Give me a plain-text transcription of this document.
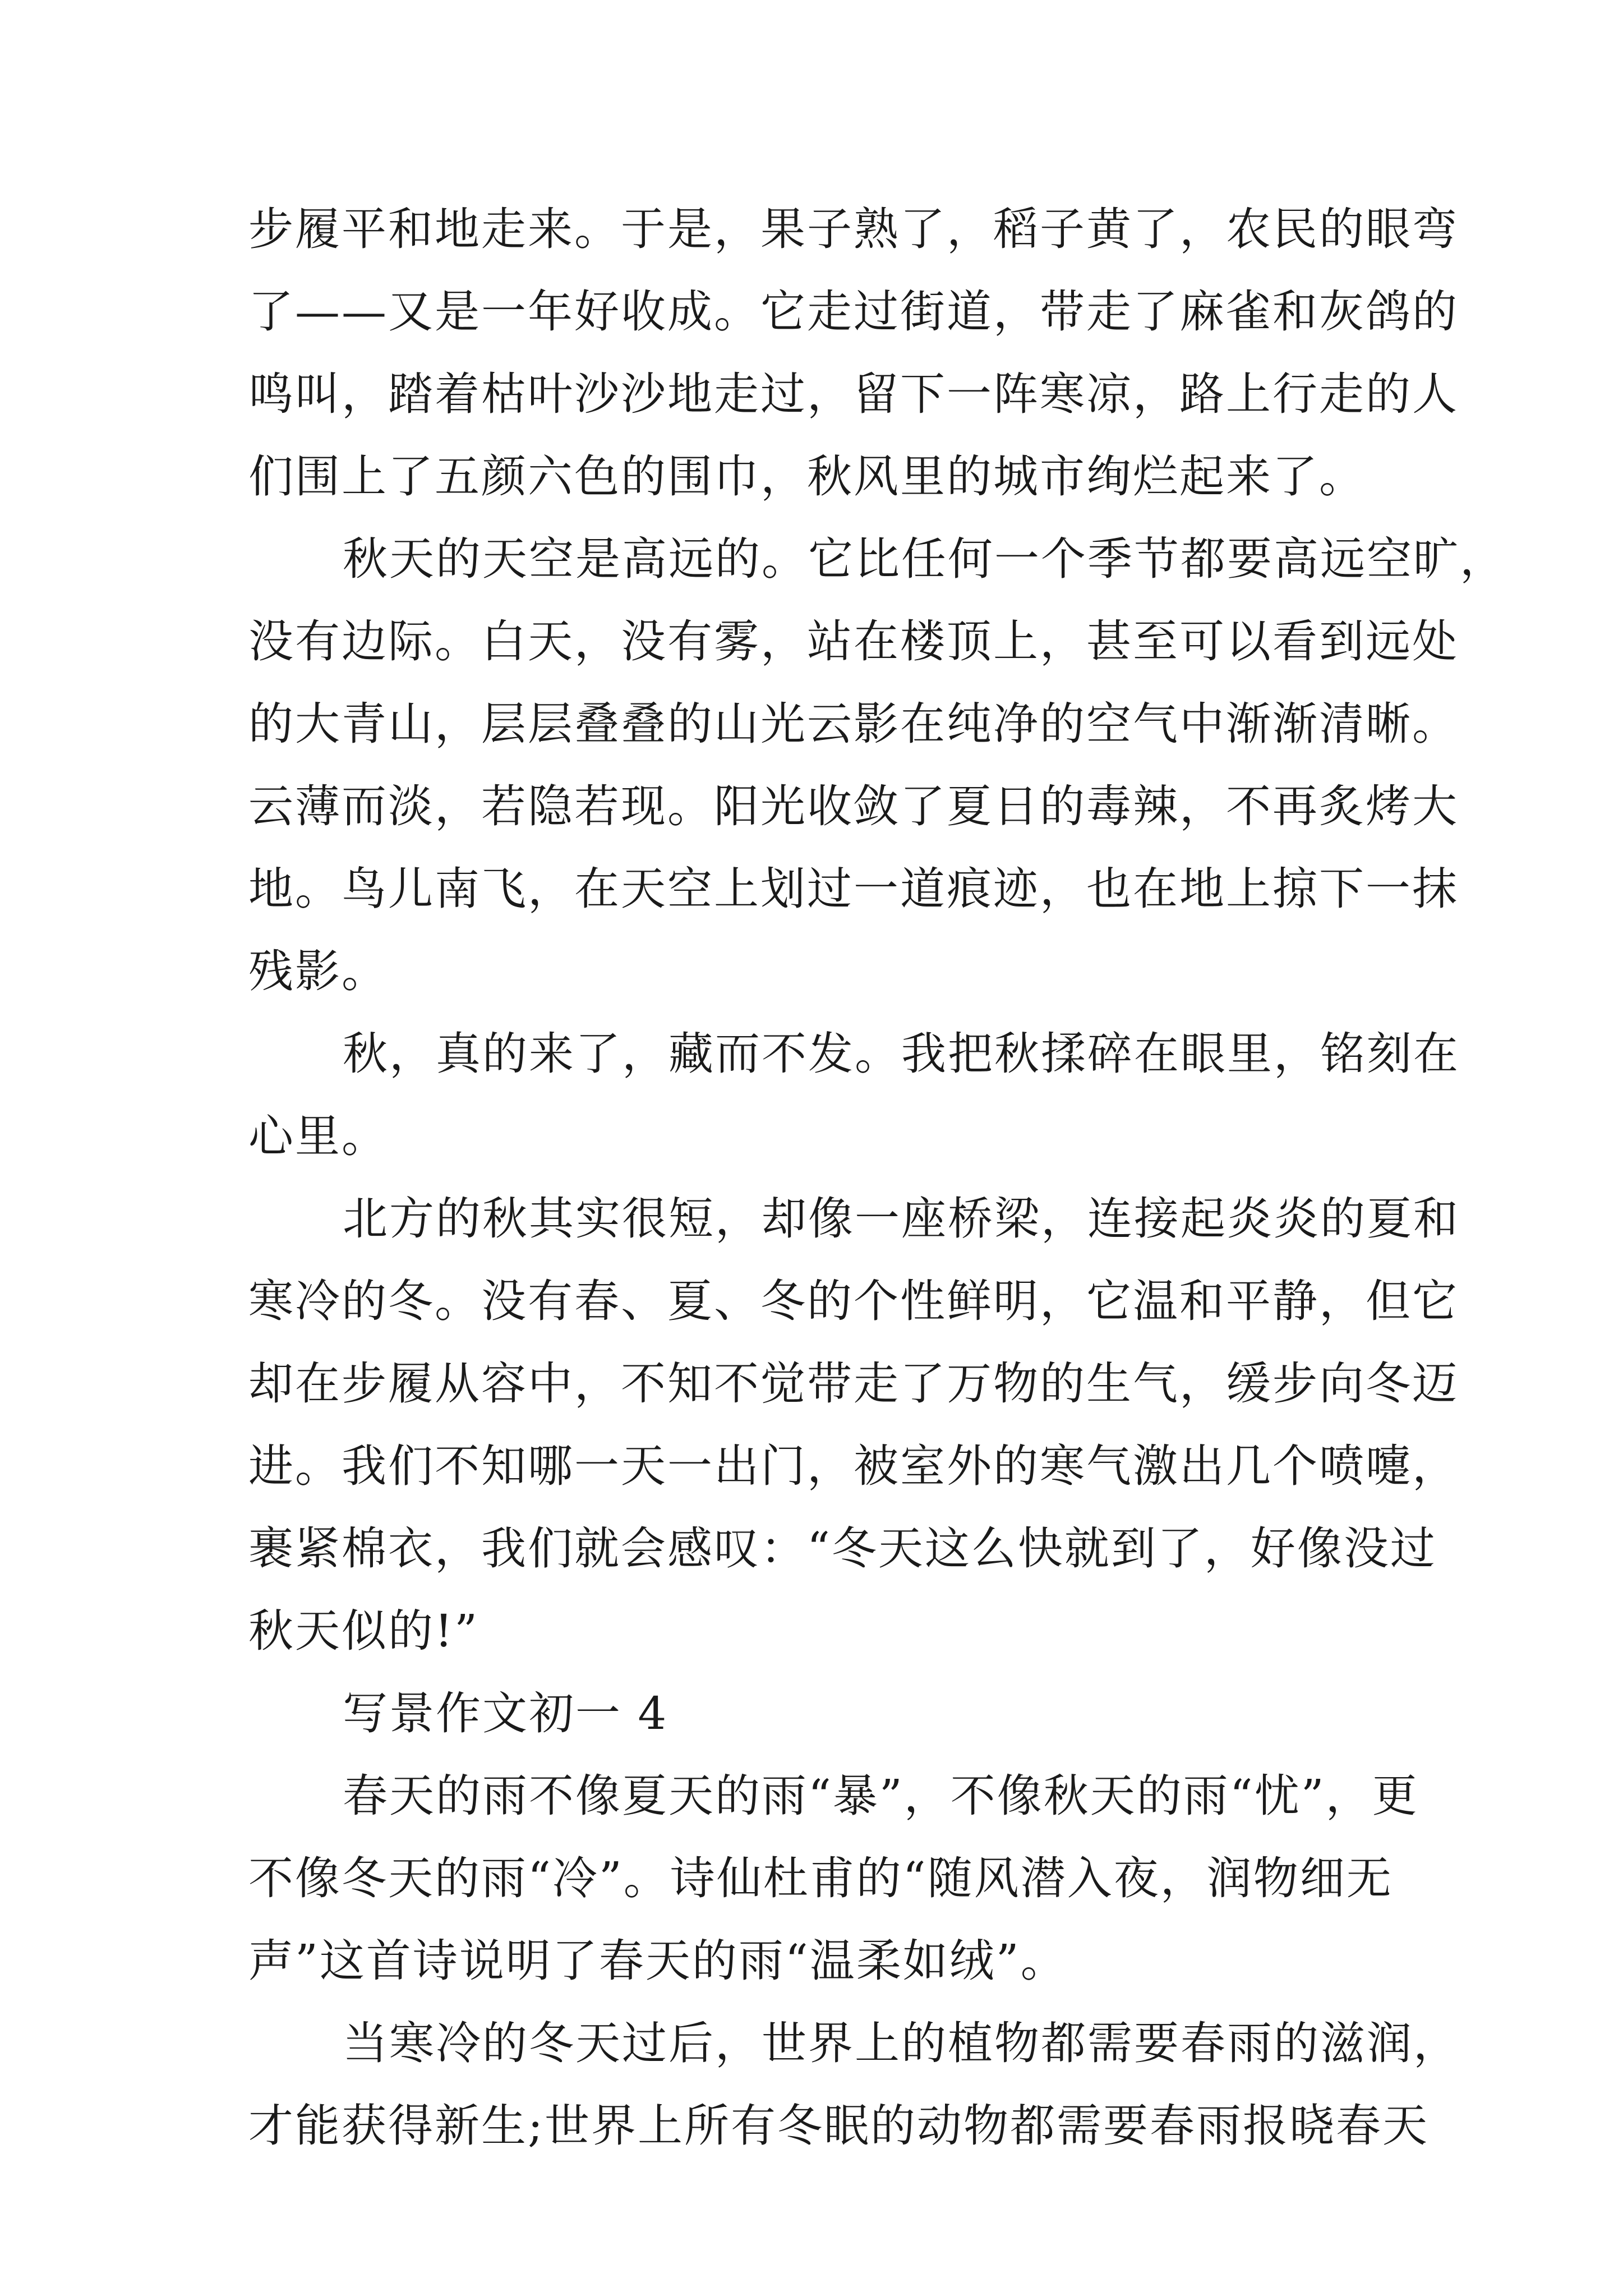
步履平和地走来。于是，果子熟了，稻子黄了，农民的眼弯
了——又是一年好收成。它走过街道，带走了麻雀和灰鸽的
鸣叫，踏着枯叶沙沙地走过，留下一阵寒凉，路上行走的人
们围上了五颜六色的围巾，秋风里的城市绚烂起来了。
秋天的天空是高远的。它比任何一个季节都要高远空旷，
没有边际。白天，没有雾，站在楼顶上，甚至可以看到远处
的大青山，层层叠叠的山光云影在纯净的空气中渐渐清晰。
云薄而淡，若隐若现。阳光收敛了夏日的毒辣，不再炙烤大
地。鸟儿南飞，在天空上划过一道痕迹，也在地上掠下一抹
残影。
秋，真的来了，藏而不发。我把秋揉碎在眼里，铭刻在
心里。
北方的秋其实很短，却像一座桥梁，连接起炎炎的夏和
寒冷的冬。没有春、夏、冬的个性鲜明，它温和平静，但它
却在步履从容中，不知不觉带走了万物的生气，缓步向冬迈
进。我们不知哪一天一出门，被室外的寒气激出几个喷嚏，
裹紧棉衣，我们就会感叹：“冬天这么快就到了，好像没过
秋天似的!”
写景作文初一 4
春天的雨不像夏天的雨“暴”，不像秋天的雨“忧”，更
不像冬天的雨“冷”。诗仙杜甫的“随风潜入夜，润物细无
声”这首诗说明了春天的雨“温柔如绒”。
当寒冷的冬天过后，世界上的植物都需要春雨的滋润，
才能获得新生;世界上所有冬眠的动物都需要春雨报晓春天
